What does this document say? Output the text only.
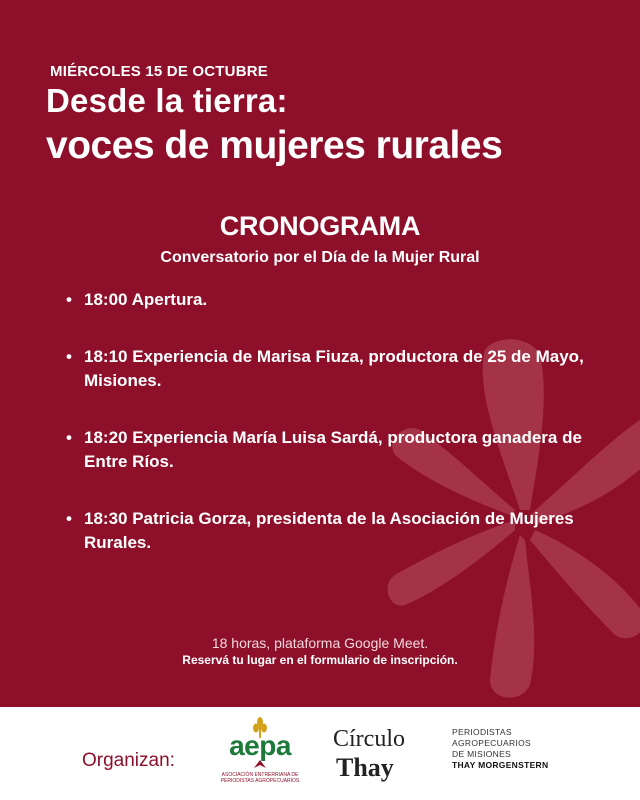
MIÉRCOLES 15 DE OCTUBRE

Desde la tierra:
voces de mujeres rurales
CRONOGRAMA

Conversatorio por el Día de la Mujer Rural

• 18:00 Apertura.
• 18:10 Experiencia de Marisa Fiuza, productora de 25 de Mayo, Misiones.
• 18:20 Experiencia María Luisa Sardá, productora ganadera de Entre Ríos.
• 18:30 Patricia Gorza, presidenta de la Asociación de Mujeres Rurales.

18 horas, plataforma Google Meet.

Reservá tu lugar en el formulario de inscripción.

Organizan:	aepa
ASOCIACIÓN ENTRERRIANA DE
PERIODISTAS AGROPECUARIOS

Círculo

Thay

PERIODISTAS
AGROPECUARIOS
DE MISIONES
THAY MORGENSTERN
